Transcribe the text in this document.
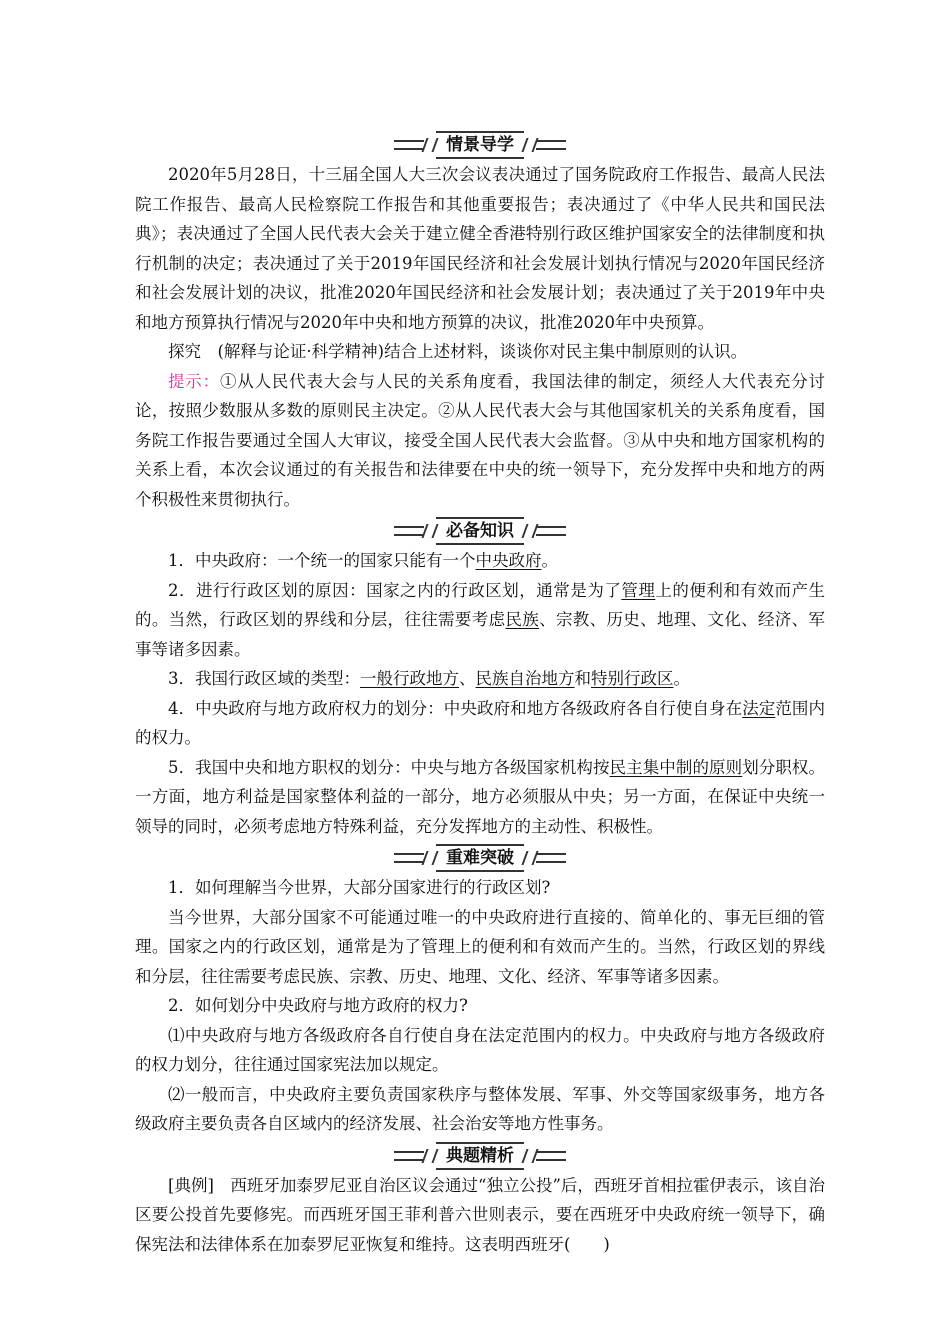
情景导学

2020年5月28日，十三届全国人大三次会议表决通过了国务院政府工作报告、最高人民法院工作报告、最高人民检察院工作报告和其他重要报告；表决通过了《中华人民共和国民法典》；表决通过了全国人民代表大会关于建立健全香港特别行政区维护国家安全的法律制度和执行机制的决定；表决通过了关于2019年国民经济和社会发展计划执行情况与2020年国民经济和社会发展计划的决议，批准2020年国民经济和社会发展计划；表决通过了关于2019年中央和地方预算执行情况与2020年中央和地方预算的决议，批准2020年中央预算。

探究　(解释与论证·科学精神)结合上述材料，谈谈你对民主集中制原则的认识。

提示：①从人民代表大会与人民的关系角度看，我国法律的制定，须经人大代表充分讨论，按照少数服从多数的原则民主决定。②从人民代表大会与其他国家机关的关系角度看，国务院工作报告要通过全国人大审议，接受全国人民代表大会监督。③从中央和地方国家机构的关系上看，本次会议通过的有关报告和法律要在中央的统一领导下，充分发挥中央和地方的两个积极性来贯彻执行。

必备知识

1．中央政府：一个统一的国家只能有一个中央政府。

2．进行行政区划的原因：国家之内的行政区划，通常是为了管理上的便利和有效而产生的。当然，行政区划的界线和分层，往往需要考虑民族、宗教、历史、地理、文化、经济、军事等诸多因素。

3．我国行政区域的类型：一般行政地方、民族自治地方和特别行政区。

4．中央政府与地方政府权力的划分：中央政府和地方各级政府各自行使自身在法定范围内的权力。

5．我国中央和地方职权的划分：中央与地方各级国家机构按民主集中制的原则划分职权。一方面，地方利益是国家整体利益的一部分，地方必须服从中央；另一方面，在保证中央统一领导的同时，必须考虑地方特殊利益，充分发挥地方的主动性、积极性。

重难突破

1．如何理解当今世界，大部分国家进行的行政区划?

当今世界，大部分国家不可能通过唯一的中央政府进行直接的、简单化的、事无巨细的管理。国家之内的行政区划，通常是为了管理上的便利和有效而产生的。当然，行政区划的界线和分层，往往需要考虑民族、宗教、历史、地理、文化、经济、军事等诸多因素。

2．如何划分中央政府与地方政府的权力?

⑴中央政府与地方各级政府各自行使自身在法定范围内的权力。中央政府与地方各级政府的权力划分，往往通过国家宪法加以规定。

⑵一般而言，中央政府主要负责国家秩序与整体发展、军事、外交等国家级事务，地方各级政府主要负责各自区域内的经济发展、社会治安等地方性事务。

典题精析

[典例]　西班牙加泰罗尼亚自治区议会通过“独立公投”后，西班牙首相拉霍伊表示，该自治区要公投首先要修宪。而西班牙国王菲利普六世则表示，要在西班牙中央政府统一领导下，确保宪法和法律体系在加泰罗尼亚恢复和维持。这表明西班牙(　　)
